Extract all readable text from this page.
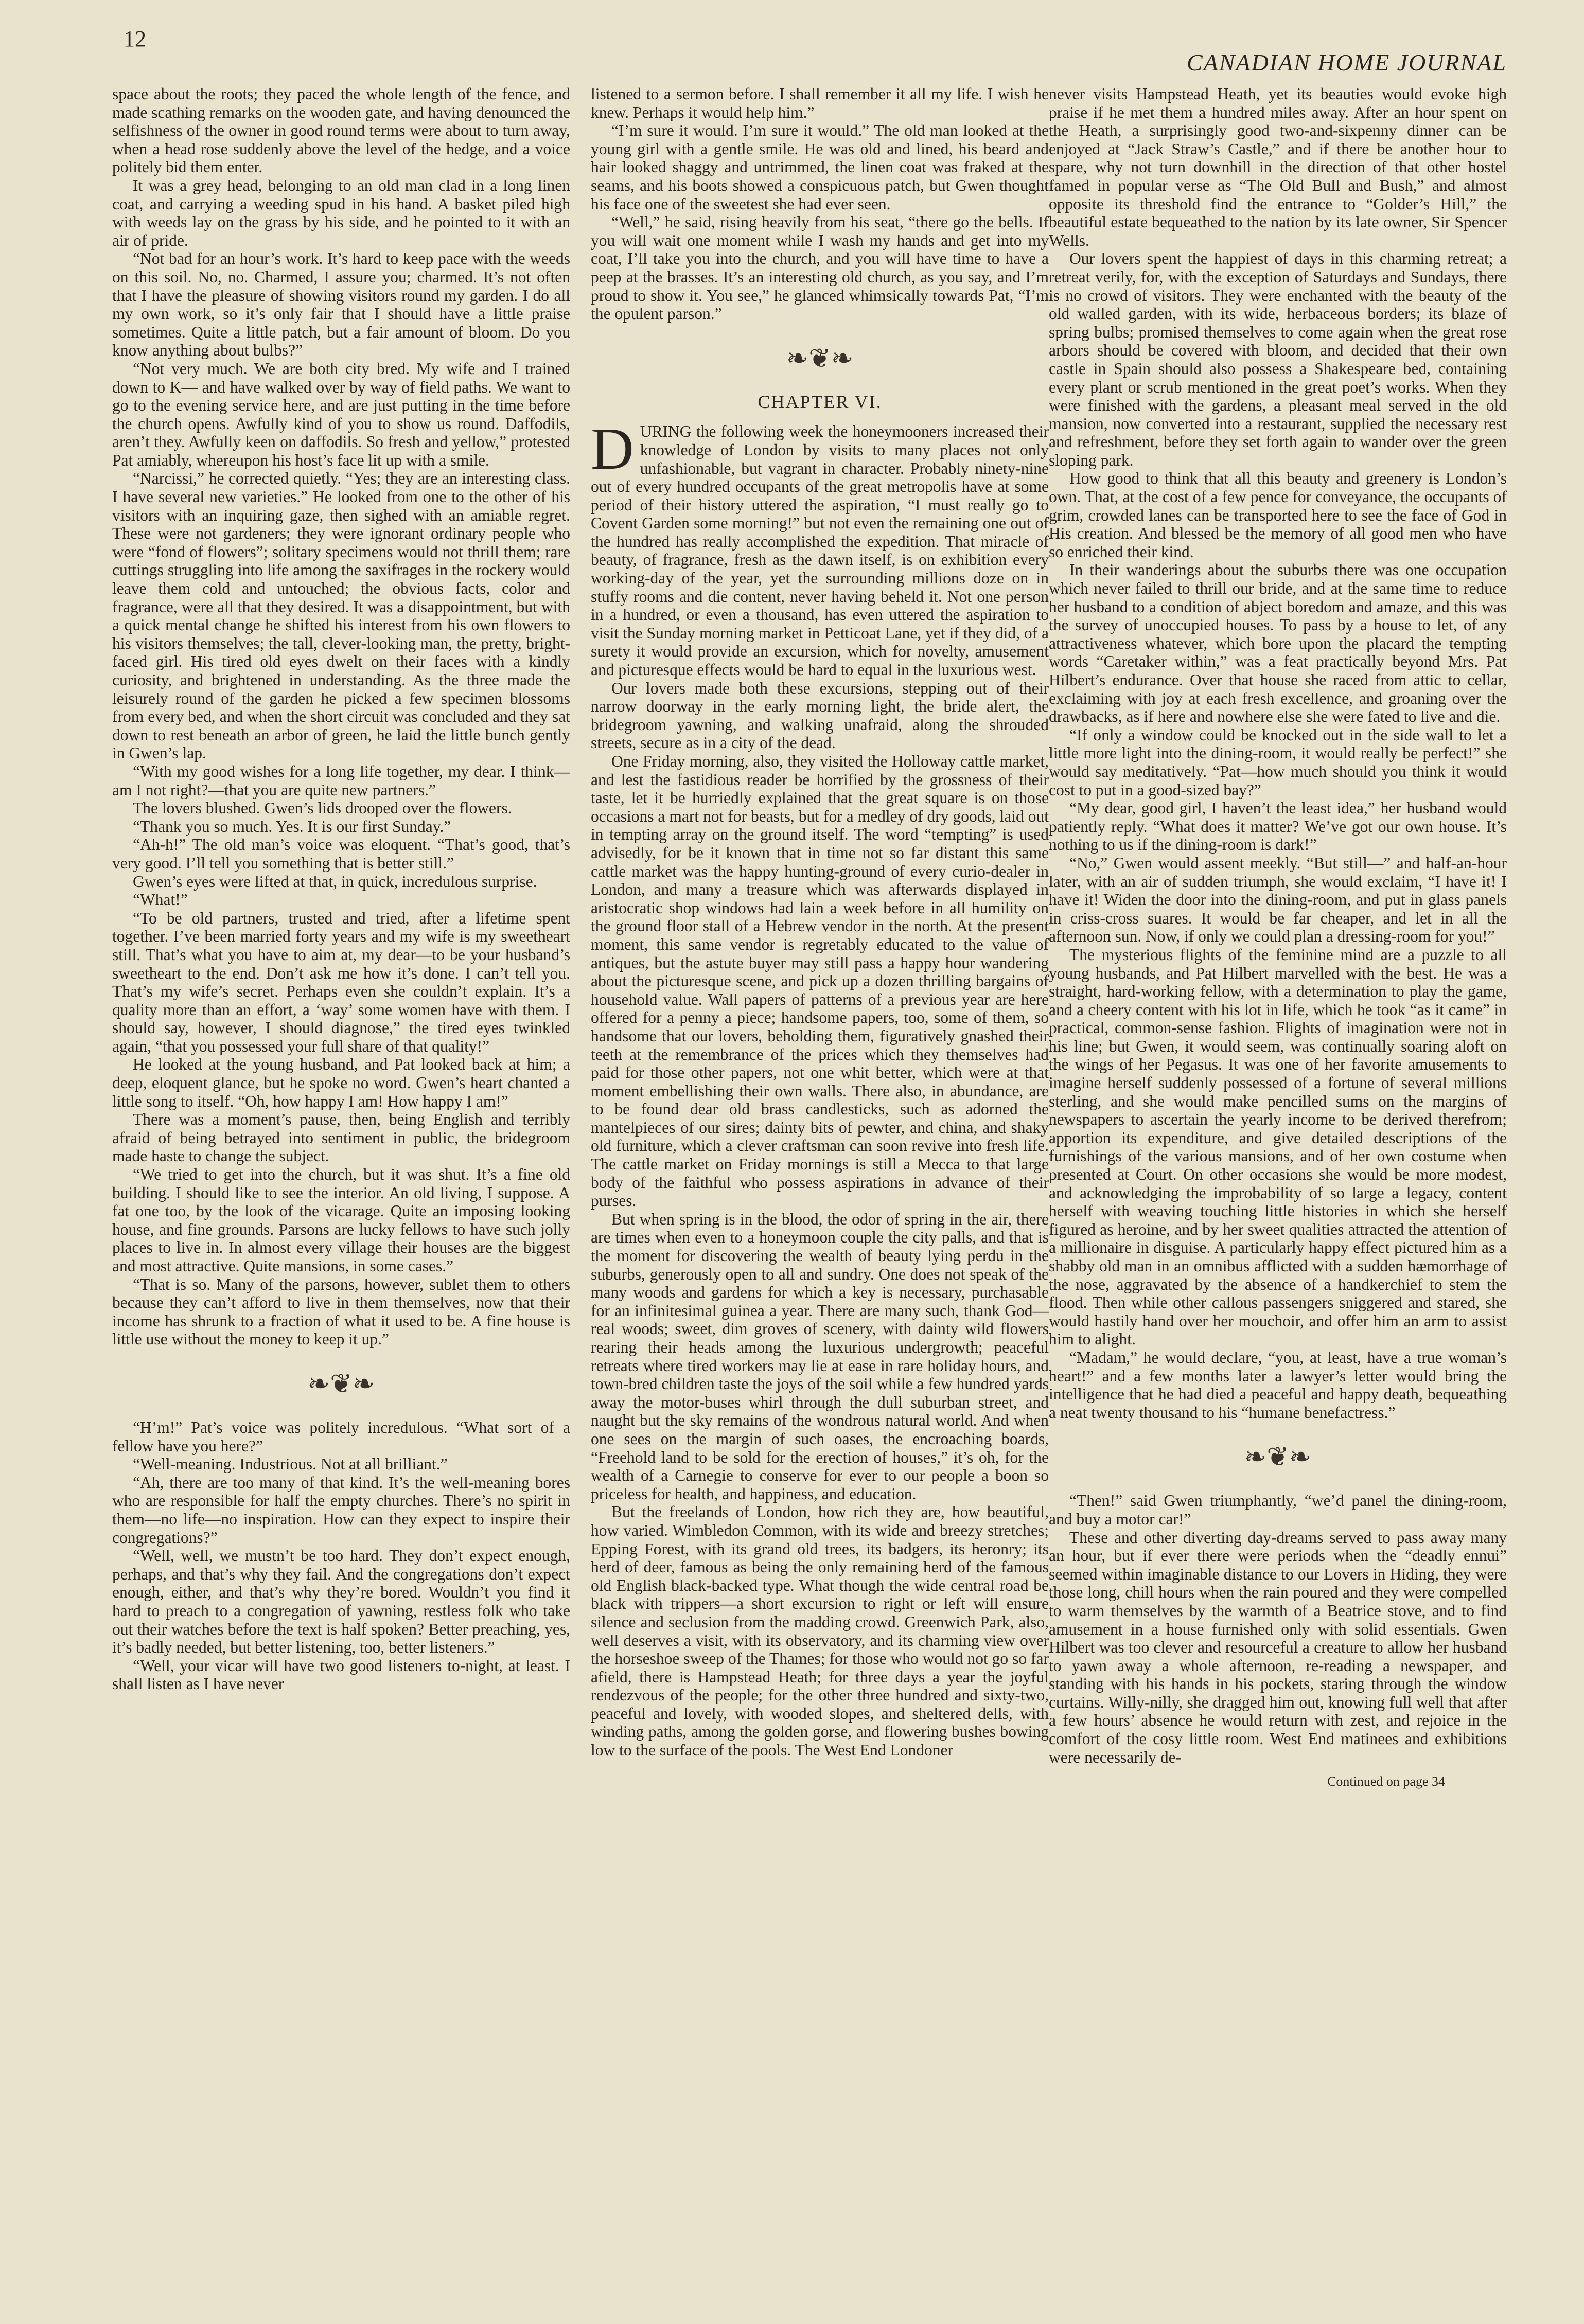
12
CANADIAN HOME JOURNAL

space about the roots; they paced the whole length of the fence, and made scathing remarks on the wooden gate, and having denounced the selfishness of the owner in good round terms were about to turn away, when a head rose suddenly above the level of the hedge, and a voice politely bid them enter.

It was a grey head, belonging to an old man clad in a long linen coat, and carrying a weeding spud in his hand. A basket piled high with weeds lay on the grass by his side, and he pointed to it with an air of pride.

“Not bad for an hour’s work. It’s hard to keep pace with the weeds on this soil. No, no. Charmed, I assure you; charmed. It’s not often that I have the pleasure of showing visitors round my garden. I do all my own work, so it’s only fair that I should have a little praise sometimes. Quite a little patch, but a fair amount of bloom. Do you know anything about bulbs?”

“Not very much. We are both city bred. My wife and I trained down to K— and have walked over by way of field paths. We want to go to the evening service here, and are just putting in the time before the church opens. Awfully kind of you to show us round. Daffodils, aren’t they. Awfully keen on daffodils. So fresh and yellow,” protested Pat amiably, whereupon his host’s face lit up with a smile.

“Narcissi,” he corrected quietly. “Yes; they are an interesting class. I have several new varieties.” He looked from one to the other of his visitors with an inquiring gaze, then sighed with an amiable regret. These were not gardeners; they were ignorant ordinary people who were “fond of flowers”; solitary specimens would not thrill them; rare cuttings struggling into life among the saxifrages in the rockery would leave them cold and untouched; the obvious facts, color and fragrance, were all that they desired. It was a disappointment, but with a quick mental change he shifted his interest from his own flowers to his visitors themselves; the tall, clever-looking man, the pretty, bright-faced girl. His tired old eyes dwelt on their faces with a kindly curiosity, and brightened in understanding. As the three made the leisurely round of the garden he picked a few specimen blossoms from every bed, and when the short circuit was concluded and they sat down to rest beneath an arbor of green, he laid the little bunch gently in Gwen’s lap.

“With my good wishes for a long life together, my dear. I think—am I not right?—that you are quite new partners.”

The lovers blushed. Gwen’s lids drooped over the flowers.

“Thank you so much. Yes. It is our first Sunday.”

“Ah-h!” The old man’s voice was eloquent. “That’s good, that’s very good. I’ll tell you something that is better still.”

Gwen’s eyes were lifted at that, in quick, incredulous surprise.

“What!”

“To be old partners, trusted and tried, after a lifetime spent together. I’ve been married forty years and my wife is my sweetheart still. That’s what you have to aim at, my dear—to be your husband’s sweetheart to the end. Don’t ask me how it’s done. I can’t tell you. That’s my wife’s secret. Perhaps even she couldn’t explain. It’s a quality more than an effort, a ‘way’ some women have with them. I should say, however, I should diagnose,” the tired eyes twinkled again, “that you possessed your full share of that quality!”

He looked at the young husband, and Pat looked back at him; a deep, eloquent glance, but he spoke no word. Gwen’s heart chanted a little song to itself. “Oh, how happy I am! How happy I am!”

There was a moment’s pause, then, being English and terribly afraid of being betrayed into sentiment in public, the bridegroom made haste to change the subject.

“We tried to get into the church, but it was shut. It’s a fine old building. I should like to see the interior. An old living, I suppose. A fat one too, by the look of the vicarage. Quite an imposing looking house, and fine grounds. Parsons are lucky fellows to have such jolly places to live in. In almost every village their houses are the biggest and most attractive. Quite mansions, in some cases.”

“That is so. Many of the parsons, however, sublet them to others because they can’t afford to live in them themselves, now that their income has shrunk to a fraction of what it used to be. A fine house is little use without the money to keep it up.”

❧❦❧

“H’m!” Pat’s voice was politely incredulous. “What sort of a fellow have you here?”

“Well-meaning. Industrious. Not at all brilliant.”

“Ah, there are too many of that kind. It’s the well-meaning bores who are responsible for half the empty churches. There’s no spirit in them—no life—no inspiration. How can they expect to inspire their congregations?”

“Well, well, we mustn’t be too hard. They don’t expect enough, perhaps, and that’s why they fail. And the congregations don’t expect enough, either, and that’s why they’re bored. Wouldn’t you find it hard to preach to a congregation of yawning, restless folk who take out their watches before the text is half spoken? Better preaching, yes, it’s badly needed, but better listening, too, better listeners.”

“Well, your vicar will have two good listeners to-night, at least. I shall listen as I have never

listened to a sermon before. I shall remember it all my life. I wish he knew. Perhaps it would help him.”

“I’m sure it would. I’m sure it would.” The old man looked at the young girl with a gentle smile. He was old and lined, his beard and hair looked shaggy and untrimmed, the linen coat was fraked at the seams, and his boots showed a conspicuous patch, but Gwen thought his face one of the sweetest she had ever seen.

“Well,” he said, rising heavily from his seat, “there go the bells. If you will wait one moment while I wash my hands and get into my coat, I’ll take you into the church, and you will have time to have a peep at the brasses. It’s an interesting old church, as you say, and I’m proud to show it. You see,” he glanced whimsically towards Pat, “I’m the opulent parson.”

❧❦❧
CHAPTER VI.

DURING the following week the honeymooners increased their knowledge of London by visits to many places not only unfashionable, but vagrant in character. Probably ninety-nine out of every hundred occupants of the great metropolis have at some period of their history uttered the aspiration, “I must really go to Covent Garden some morning!” but not even the remaining one out of the hundred has really accomplished the expedition. That miracle of beauty, of fragrance, fresh as the dawn itself, is on exhibition every working-day of the year, yet the surrounding millions doze on in stuffy rooms and die content, never having beheld it. Not one person in a hundred, or even a thousand, has even uttered the aspiration to visit the Sunday morning market in Petticoat Lane, yet if they did, of a surety it would provide an excursion, which for novelty, amusement and picturesque effects would be hard to equal in the luxurious west.

Our lovers made both these excursions, stepping out of their narrow doorway in the early morning light, the bride alert, the bridegroom yawning, and walking unafraid, along the shrouded streets, secure as in a city of the dead.

One Friday morning, also, they visited the Holloway cattle market, and lest the fastidious reader be horrified by the grossness of their taste, let it be hurriedly explained that the great square is on those occasions a mart not for beasts, but for a medley of dry goods, laid out in tempting array on the ground itself. The word “tempting” is used advisedly, for be it known that in time not so far distant this same cattle market was the happy hunting-ground of every curio-dealer in London, and many a treasure which was afterwards displayed in aristocratic shop windows had lain a week before in all humility on the ground floor stall of a Hebrew vendor in the north. At the present moment, this same vendor is regretably educated to the value of antiques, but the astute buyer may still pass a happy hour wandering about the picturesque scene, and pick up a dozen thrilling bargains of household value. Wall papers of patterns of a previous year are here offered for a penny a piece; handsome papers, too, some of them, so handsome that our lovers, beholding them, figuratively gnashed their teeth at the remembrance of the prices which they themselves had paid for those other papers, not one whit better, which were at that moment embellishing their own walls. There also, in abundance, are to be found dear old brass candlesticks, such as adorned the mantelpieces of our sires; dainty bits of pewter, and china, and shaky old furniture, which a clever craftsman can soon revive into fresh life. The cattle market on Friday mornings is still a Mecca to that large body of the faithful who possess aspirations in advance of their purses.

But when spring is in the blood, the odor of spring in the air, there are times when even to a honeymoon couple the city palls, and that is the moment for discovering the wealth of beauty lying perdu in the suburbs, generously open to all and sundry. One does not speak of the many woods and gardens for which a key is necessary, purchasable for an infinitesimal guinea a year. There are many such, thank God—real woods; sweet, dim groves of scenery, with dainty wild flowers rearing their heads among the luxurious undergrowth; peaceful retreats where tired workers may lie at ease in rare holiday hours, and town-bred children taste the joys of the soil while a few hundred yards away the motor-buses whirl through the dull suburban street, and naught but the sky remains of the wondrous natural world. And when one sees on the margin of such oases, the encroaching boards, “Freehold land to be sold for the erection of houses,” it’s oh, for the wealth of a Carnegie to conserve for ever to our people a boon so priceless for health, and happiness, and education.

But the freelands of London, how rich they are, how beautiful, how varied. Wimbledon Common, with its wide and breezy stretches; Epping Forest, with its grand old trees, its badgers, its heronry; its herd of deer, famous as being the only remaining herd of the famous old English black-backed type. What though the wide central road be black with trippers—a short excursion to right or left will ensure silence and seclusion from the madding crowd. Greenwich Park, also, well deserves a visit, with its observatory, and its charming view over the horseshoe sweep of the Thames; for those who would not go so far afield, there is Hampstead Heath; for three days a year the joyful rendezvous of the people; for the other three hundred and sixty-two, peaceful and lovely, with wooded slopes, and sheltered dells, with winding paths, among the golden gorse, and flowering bushes bowing low to the surface of the pools. The West End Londoner

never visits Hampstead Heath, yet its beauties would evoke high praise if he met them a hundred miles away. After an hour spent on the Heath, a surprisingly good two-and-sixpenny dinner can be enjoyed at “Jack Straw’s Castle,” and if there be another hour to spare, why not turn downhill in the direction of that other hostel famed in popular verse as “The Old Bull and Bush,” and almost opposite its threshold find the entrance to “Golder’s Hill,” the beautiful estate bequeathed to the nation by its late owner, Sir Spencer Wells.

Our lovers spent the happiest of days in this charming retreat; a retreat verily, for, with the exception of Saturdays and Sundays, there is no crowd of visitors. They were enchanted with the beauty of the old walled garden, with its wide, herbaceous borders; its blaze of spring bulbs; promised themselves to come again when the great rose arbors should be covered with bloom, and decided that their own castle in Spain should also possess a Shakespeare bed, containing every plant or scrub mentioned in the great poet’s works. When they were finished with the gardens, a pleasant meal served in the old mansion, now converted into a restaurant, supplied the necessary rest and refreshment, before they set forth again to wander over the green sloping park.

How good to think that all this beauty and greenery is London’s own. That, at the cost of a few pence for conveyance, the occupants of grim, crowded lanes can be transported here to see the face of God in His creation. And blessed be the memory of all good men who have so enriched their kind.

In their wanderings about the suburbs there was one occupation which never failed to thrill our bride, and at the same time to reduce her husband to a condition of abject boredom and amaze, and this was the survey of unoccupied houses. To pass by a house to let, of any attractiveness whatever, which bore upon the placard the tempting words “Caretaker within,” was a feat practically beyond Mrs. Pat Hilbert’s endurance. Over that house she raced from attic to cellar, exclaiming with joy at each fresh excellence, and groaning over the drawbacks, as if here and nowhere else she were fated to live and die.

“If only a window could be knocked out in the side wall to let a little more light into the dining-room, it would really be perfect!” she would say meditatively. “Pat—how much should you think it would cost to put in a good-sized bay?”

“My dear, good girl, I haven’t the least idea,” her husband would patiently reply. “What does it matter? We’ve got our own house. It’s nothing to us if the dining-room is dark!”

“No,” Gwen would assent meekly. “But still—” and half-an-hour later, with an air of sudden triumph, she would exclaim, “I have it! I have it! Widen the door into the dining-room, and put in glass panels in criss-cross suares. It would be far cheaper, and let in all the afternoon sun. Now, if only we could plan a dressing-room for you!”

The mysterious flights of the feminine mind are a puzzle to all young husbands, and Pat Hilbert marvelled with the best. He was a straight, hard-working fellow, with a determination to play the game, and a cheery content with his lot in life, which he took “as it came” in practical, common-sense fashion. Flights of imagination were not in his line; but Gwen, it would seem, was continually soaring aloft on the wings of her Pegasus. It was one of her favorite amusements to imagine herself suddenly possessed of a fortune of several millions sterling, and she would make pencilled sums on the margins of newspapers to ascertain the yearly income to be derived therefrom; apportion its expenditure, and give detailed descriptions of the furnishings of the various mansions, and of her own costume when presented at Court. On other occasions she would be more modest, and acknowledging the improbability of so large a legacy, content herself with weaving touching little histories in which she herself figured as heroine, and by her sweet qualities attracted the attention of a millionaire in disguise. A particularly happy effect pictured him as a shabby old man in an omnibus afflicted with a sudden hæmorrhage of the nose, aggravated by the absence of a handkerchief to stem the flood. Then while other callous passengers sniggered and stared, she would hastily hand over her mouchoir, and offer him an arm to assist him to alight.

“Madam,” he would declare, “you, at least, have a true woman’s heart!” and a few months later a lawyer’s letter would bring the intelligence that he had died a peaceful and happy death, bequeathing a neat twenty thousand to his “humane benefactress.”

❧❦❧

“Then!” said Gwen triumphantly, “we’d panel the dining-room, and buy a motor car!”

These and other diverting day-dreams served to pass away many an hour, but if ever there were periods when the “deadly ennui” seemed within imaginable distance to our Lovers in Hiding, they were those long, chill hours when the rain poured and they were compelled to warm themselves by the warmth of a Beatrice stove, and to find amusement in a house furnished only with solid essentials. Gwen Hilbert was too clever and resourceful a creature to allow her husband to yawn away a whole afternoon, re-reading a newspaper, and standing with his hands in his pockets, staring through the window curtains. Willy-nilly, she dragged him out, knowing full well that after a few hours’ absence he would return with zest, and rejoice in the comfort of the cosy little room. West End matinees and exhibitions were necessarily de-

Continued on page 34
